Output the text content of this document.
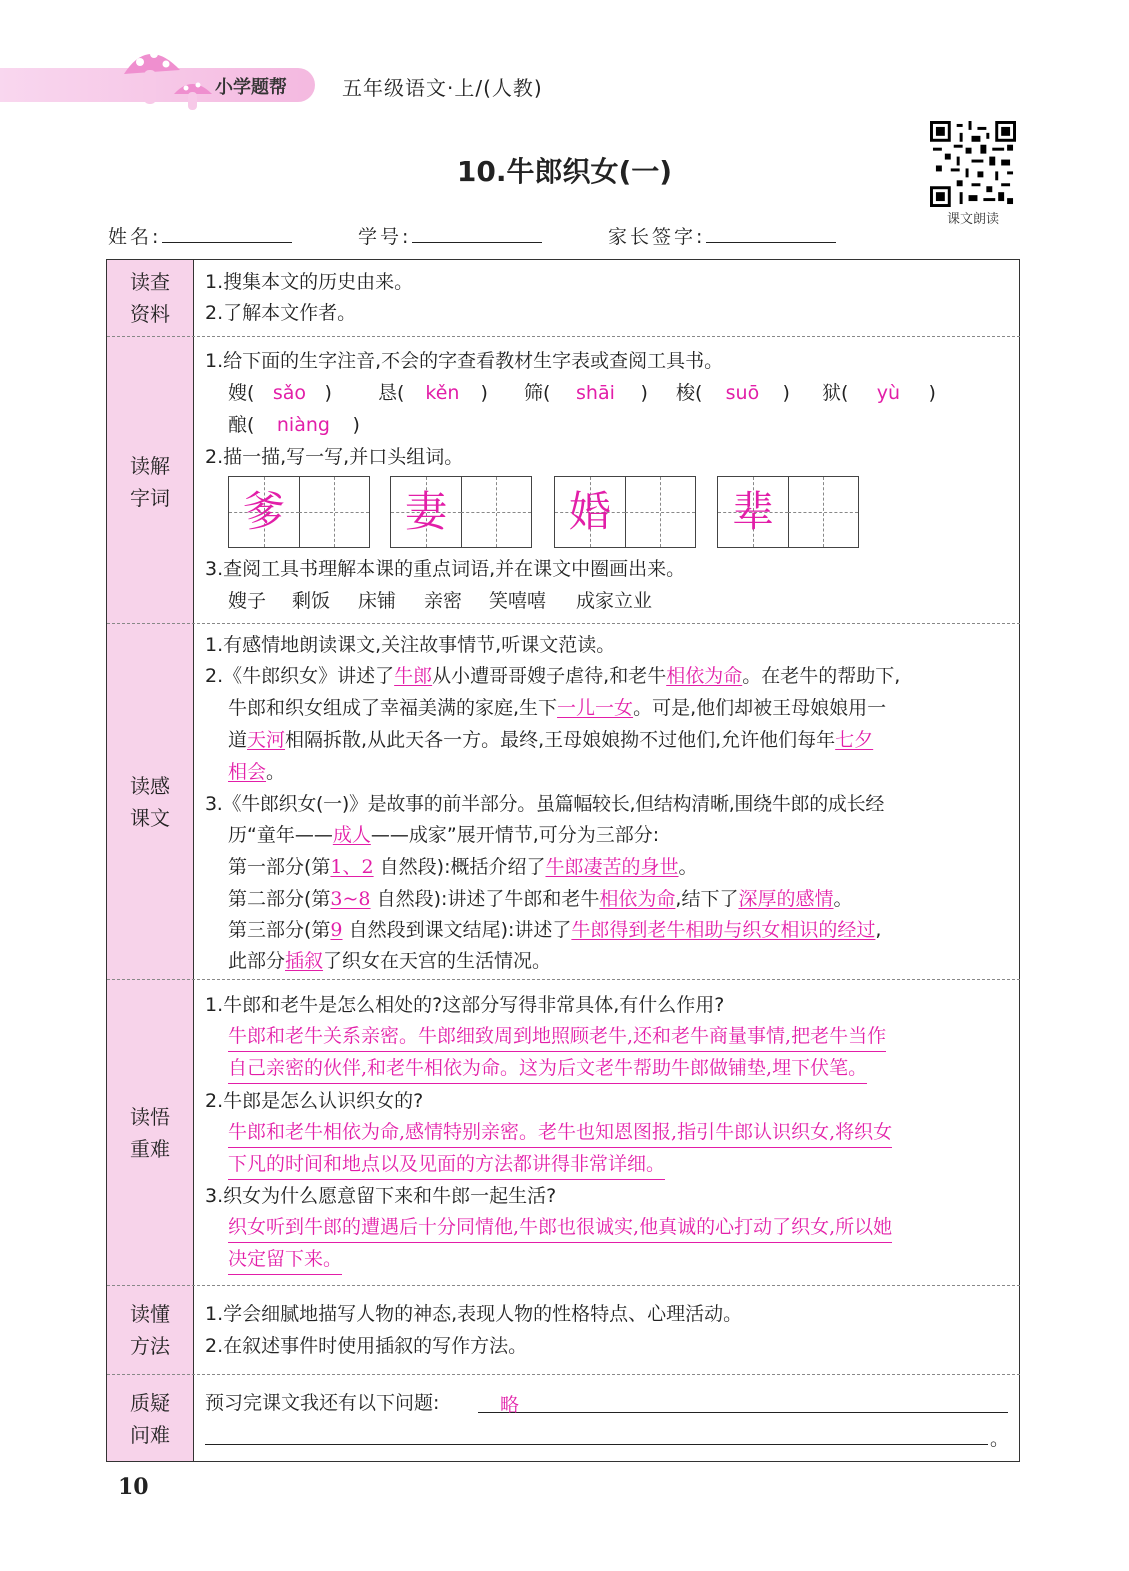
小学题帮	五年级语文·上/(人教)
10.牛郎织女(一)
课文朗读
姓名:	学号:	家长签字:
读查
资料
1.搜集本文的历史由来。
2.了解本文作者。
读解
字词
1.给下面的生字注音,不会的字查看教材生字表或查阅工具书。
嫂( sǎo ) 恳( kěn ) 筛( shāi ) 梭( suō ) 狱( yù )
酿( niàng )
2.描一描,写一写,并口头组词。
爹	妻	婚	辈
3.查阅工具书理解本课的重点词语,并在课文中圈画出来。
嫂子 剩饭 床铺 亲密 笑嘻嘻 成家立业
读感
课文
1.有感情地朗读课文,关注故事情节,听课文范读。
2.《牛郎织女》讲述了牛郎从小遭哥哥嫂子虐待,和老牛相依为命。在老牛的帮助下,
牛郎和织女组成了幸福美满的家庭,生下一儿一女。可是,他们却被王母娘娘用一
道天河相隔拆散,从此天各一方。最终,王母娘娘拗不过他们,允许他们每年七夕
相会。
3.《牛郎织女(一)》是故事的前半部分。虽篇幅较长,但结构清晰,围绕牛郎的成长经
历“童年——成人——成家”展开情节,可分为三部分:
第一部分(第1、2 自然段):概括介绍了牛郎凄苦的身世。
第二部分(第3~8 自然段):讲述了牛郎和老牛相依为命,结下了深厚的感情。
第三部分(第9 自然段到课文结尾):讲述了牛郎得到老牛相助与织女相识的经过,
此部分插叙了织女在天宫的生活情况。
读悟
重难
1.牛郎和老牛是怎么相处的?这部分写得非常具体,有什么作用?
牛郎和老牛关系亲密。牛郎细致周到地照顾老牛,还和老牛商量事情,把老牛当作
自己亲密的伙伴,和老牛相依为命。这为后文老牛帮助牛郎做铺垫,埋下伏笔。
2.牛郎是怎么认识织女的?
牛郎和老牛相依为命,感情特别亲密。老牛也知恩图报,指引牛郎认识织女,将织女
下凡的时间和地点以及见面的方法都讲得非常详细。
3.织女为什么愿意留下来和牛郎一起生活?
织女听到牛郎的遭遇后十分同情他,牛郎也很诚实,他真诚的心打动了织女,所以她
决定留下来。
读懂
方法
1.学会细腻地描写人物的神态,表现人物的性格特点、心理活动。
2.在叙述事件时使用插叙的写作方法。
质疑
问难
预习完课文我还有以下问题:	略
。
10
